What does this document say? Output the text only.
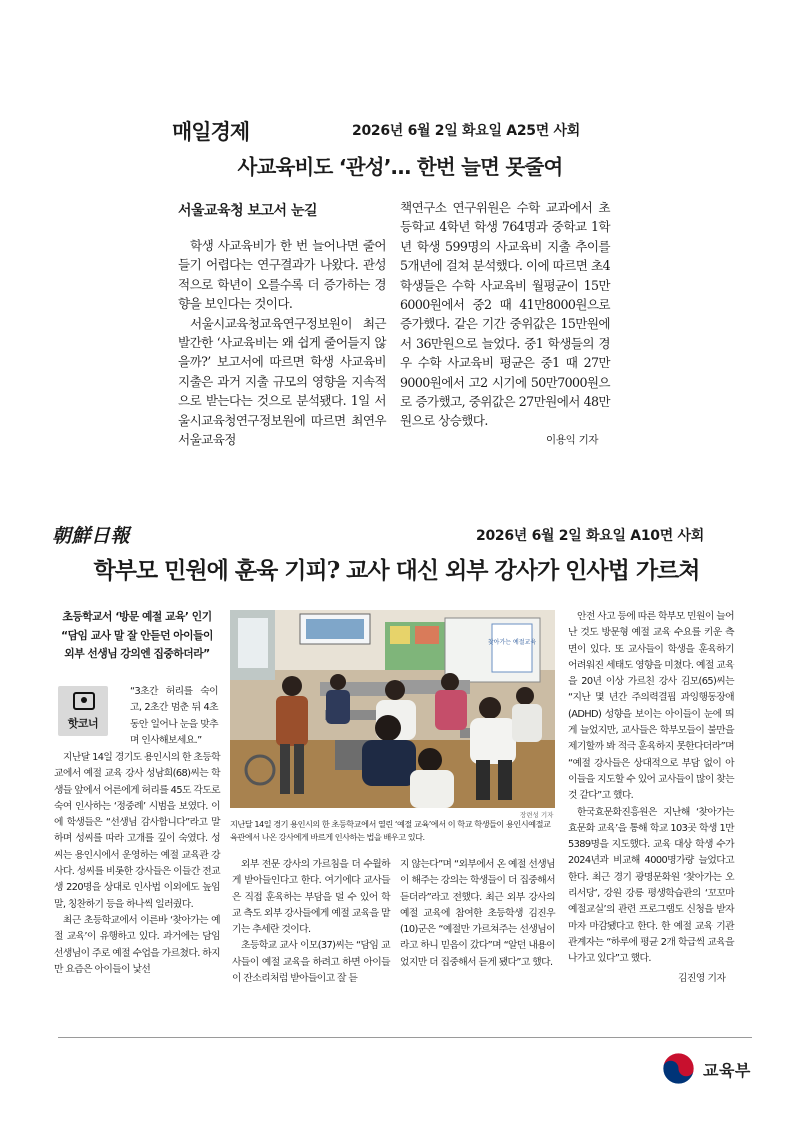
매일경제	2026년 6월 2일 화요일 A25면 사회
사교육비도 ‘관성’… 한번 늘면 못줄여
서울교육청 보고서 눈길

학생 사교육비가 한 번 늘어나면 줄어들기 어렵다는 연구결과가 나왔다. 관성적으로 학년이 오를수록 더 증가하는 경향을 보인다는 것이다.

서울시교육청교육연구정보원이 최근 발간한 ‘사교육비는 왜 쉽게 줄어들지 않을까?’ 보고서에 따르면 학생 사교육비 지출은 과거 지출 규모의 영향을 지속적으로 받는다는 것으로 분석됐다. 1일 서울시교육청연구정보원에 따르면 최연우 서울교육정

책연구소 연구위원은 수학 교과에서 초등학교 4학년 학생 764명과 중학교 1학년 학생 599명의 사교육비 지출 추이를 5개년에 걸쳐 분석했다. 이에 따르면 초4 학생들은 수학 사교육비 월평균이 15만6000원에서 중2 때 41만8000원으로 증가했다. 같은 기간 중위값은 15만원에서 36만원으로 늘었다. 중1 학생들의 경우 수학 사교육비 평균은 중1 때 27만9000원에서 고2 시기에 50만7000원으로 증가했고, 중위값은 27만원에서 48만원으로 상승했다.
이용익 기자
朝鮮日報	2026년 6월 2일 화요일 A10면 사회
학부모 민원에 훈육 기피? 교사 대신 외부 강사가 인사법 가르쳐
초등학교서 ‘방문 예절 교육’ 인기
“담임 교사 말 잘 안듣던 아이들이
외부 선생님 강의엔 집중하더라”
핫코너
“3초간 허리를 숙이고, 2초간 멈춘 뒤 4초 동안 일어나 눈을 맞추며 인사해보세요.”

지난달 14일 경기도 용인시의 한 초등학교에서 예절 교육 강사 성남희(68)씨는 학생들 앞에서 어른에게 허리를 45도 각도로 숙여 인사하는 ‘정중례’ 시범을 보였다. 이에 학생들은 “선생님 감사합니다”라고 말하며 성씨를 따라 고개를 깊이 숙였다. 성씨는 용인시에서 운영하는 예절 교육관 강사다. 성씨를 비롯한 강사들은 이들간 전교생 220명을 상대로 인사법 이외에도 높임말, 칭찬하기 등을 하나씩 일러줬다.

최근 초등학교에서 이른바 ‘찾아가는 예절 교육’이 유행하고 있다. 과거에는 담임 선생님이 주로 예절 수업을 가르쳤다. 하지만 요즘은 아이들이 낯선

찾아가는 예절교육
장련성 기자
지난달 14일 경기 용인시의 한 초등학교에서 열린 ‘예절 교육’에서 이 학교 학생들이 용인시예절교육관에서 나온 강사에게 바르게 인사하는 법을 배우고 있다.

외부 전문 강사의 가르침을 더 수월하게 받아들인다고 한다. 여기에다 교사들은 직접 훈육하는 부담을 덜 수 있어 학교 측도 외부 강사들에게 예절 교육을 맡기는 추세란 것이다.

초등학교 교사 이모(37)씨는 “담임 교사들이 예절 교육을 하려고 하면 아이들이 잔소리처럼 받아들이고 잘 듣

지 않는다”며 “외부에서 온 예절 선생님이 해주는 강의는 학생들이 더 집중해서 듣더라”라고 전했다. 최근 외부 강사의 예절 교육에 참여한 초등학생 김진우(10)군은 “예절만 가르쳐주는 선생님이라고 하니 믿음이 갔다”며 “알던 내용이었지만 더 집중해서 듣게 됐다”고 했다.

안전 사고 등에 따른 학부모 민원이 늘어난 것도 방문형 예절 교육 수요를 키운 측면이 있다. 또 교사들이 학생을 훈육하기 어려워진 세태도 영향을 미쳤다. 예절 교육을 20년 이상 가르친 강사 김모(65)씨는 “지난 몇 년간 주의력결핍 과잉행동장애(ADHD) 성향을 보이는 아이들이 눈에 띄게 늘었지만, 교사들은 학부모들이 불만을 제기할까 봐 적극 훈육하지 못한다더라”며 “예절 강사들은 상대적으로 부담 없이 아이들을 지도할 수 있어 교사들이 많이 찾는 것 같다”고 했다.

한국효문화진흥원은 지난해 ‘찾아가는 효문화 교육’을 통해 학교 103곳 학생 1만5389명을 지도했다. 교육 대상 학생 수가 2024년과 비교해 4000명가량 늘었다고 한다. 최근 경기 광명문화원 ‘찾아가는 오리서당’, 강원 강릉 평생학습관의 ‘꼬꼬마 예절교실’의 관련 프로그램도 신청을 받자마자 마감됐다고 한다. 한 예절 교육 기관 관계자는 “하루에 평균 2개 학급씩 교육을 나가고 있다”고 했다.

김진영 기자
교육부
